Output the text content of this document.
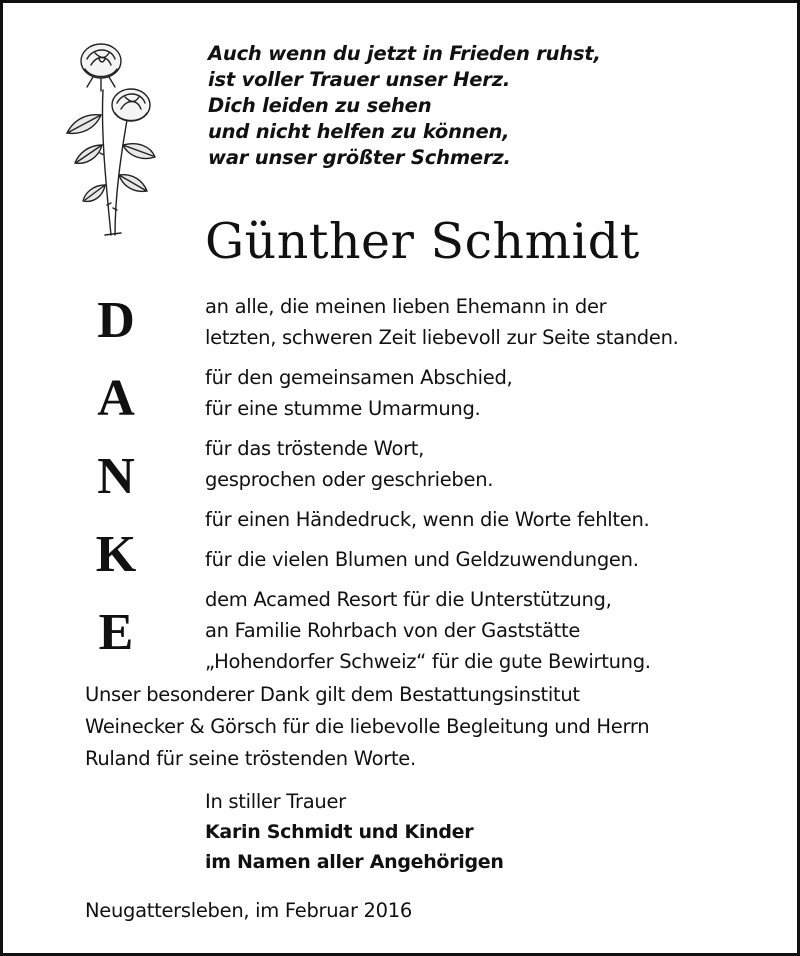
Auch wenn du jetzt in Frieden ruhst,
ist voller Trauer unser Herz.
Dich leiden zu sehen
und nicht helfen zu können,
war unser größter Schmerz.
Günther Schmidt
D
A
N
K
E
an alle, die meinen lieben Ehemann in der
letzten, schweren Zeit liebevoll zur Seite standen.
für den gemeinsamen Abschied,
für eine stumme Umarmung.
für das tröstende Wort,
gesprochen oder geschrieben.
für einen Händedruck, wenn die Worte fehlten.
für die vielen Blumen und Geldzuwendungen.
dem Acamed Resort für die Unterstützung,
an Familie Rohrbach von der Gaststätte
„Hohendorfer Schweiz“ für die gute Bewirtung.
Unser besonderer Dank gilt dem Bestattungsinstitut
Weinecker & Görsch für die liebevolle Begleitung und Herrn
Ruland für seine tröstenden Worte.
In stiller Trauer
Karin Schmidt und Kinder
im Namen aller Angehörigen
Neugattersleben, im Februar 2016
